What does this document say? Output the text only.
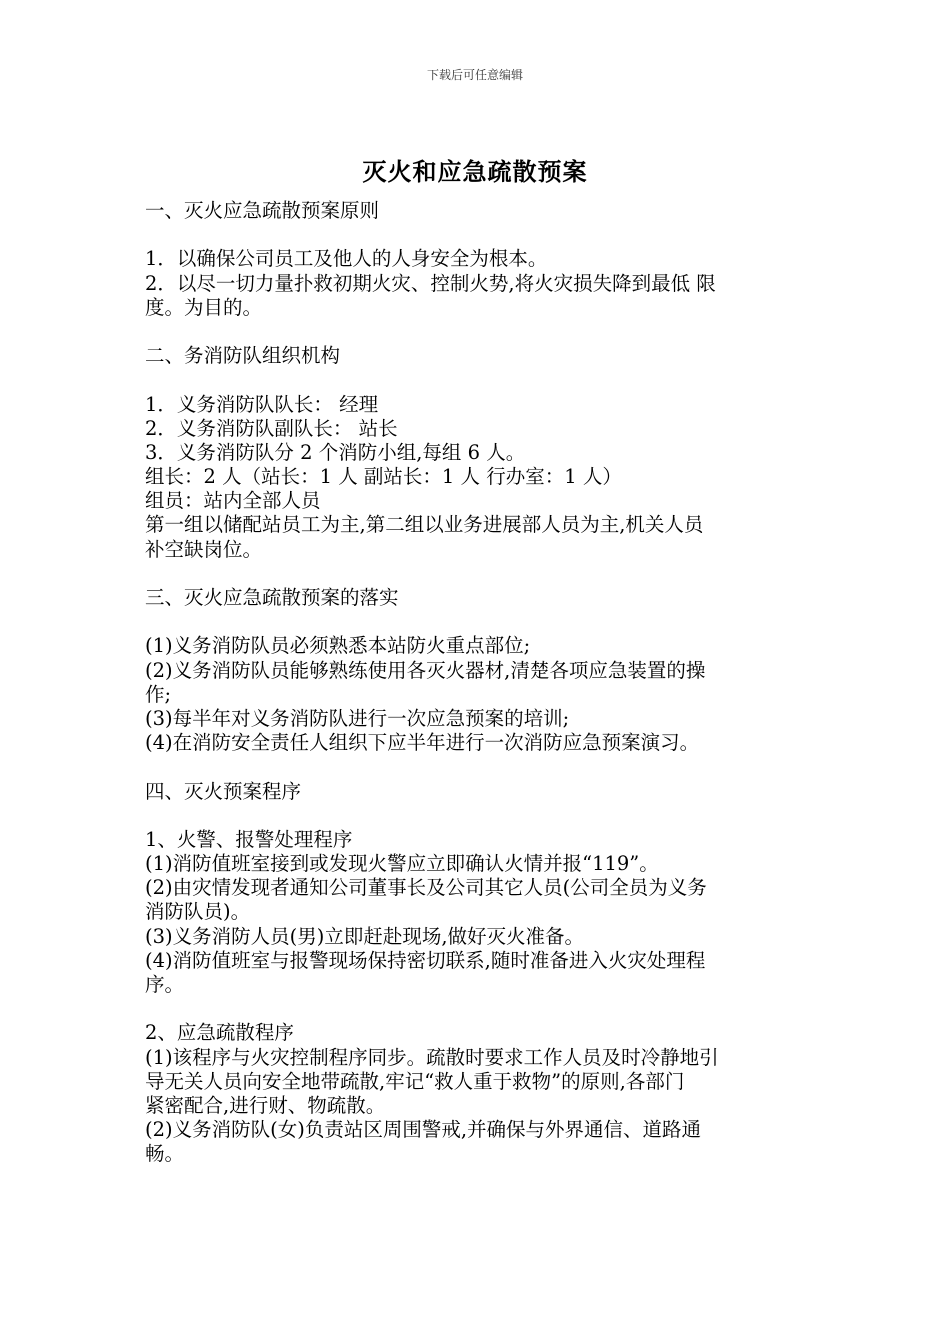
下载后可任意编辑
灭火和应急疏散预案
一、灭火应急疏散预案原则
1．以确保公司员工及他人的人身安全为根本。
2．以尽一切力量扑救初期火灾、控制火势,将火灾损失降到最低 限
度。为目的。
二、务消防队组织机构
1．义务消防队队长： 经理
2．义务消防队副队长： 站长
3．义务消防队分 2 个消防小组,每组 6 人。
组长：2 人（站长：1 人 副站长：1 人 行办室：1 人）
组员：站内全部人员
第一组以储配站员工为主,第二组以业务进展部人员为主,机关人员
补空缺岗位。
三、灭火应急疏散预案的落实
(1)义务消防队员必须熟悉本站防火重点部位;
(2)义务消防队员能够熟练使用各灭火器材,清楚各项应急装置的操
作;
(3)每半年对义务消防队进行一次应急预案的培训;
(4)在消防安全责任人组织下应半年进行一次消防应急预案演习。
四、灭火预案程序
1、火警、报警处理程序
(1)消防值班室接到或发现火警应立即确认火情并报“119”。
(2)由灾情发现者通知公司董事长及公司其它人员(公司全员为义务
消防队员)。
(3)义务消防人员(男)立即赶赴现场,做好灭火准备。
(4)消防值班室与报警现场保持密切联系,随时准备进入火灾处理程
序。
2、应急疏散程序
(1)该程序与火灾控制程序同步。疏散时要求工作人员及时冷静地引
导无关人员向安全地带疏散,牢记“救人重于救物”的原则,各部门
紧密配合,进行财、物疏散。
(2)义务消防队(女)负责站区周围警戒,并确保与外界通信、道路通
畅。
